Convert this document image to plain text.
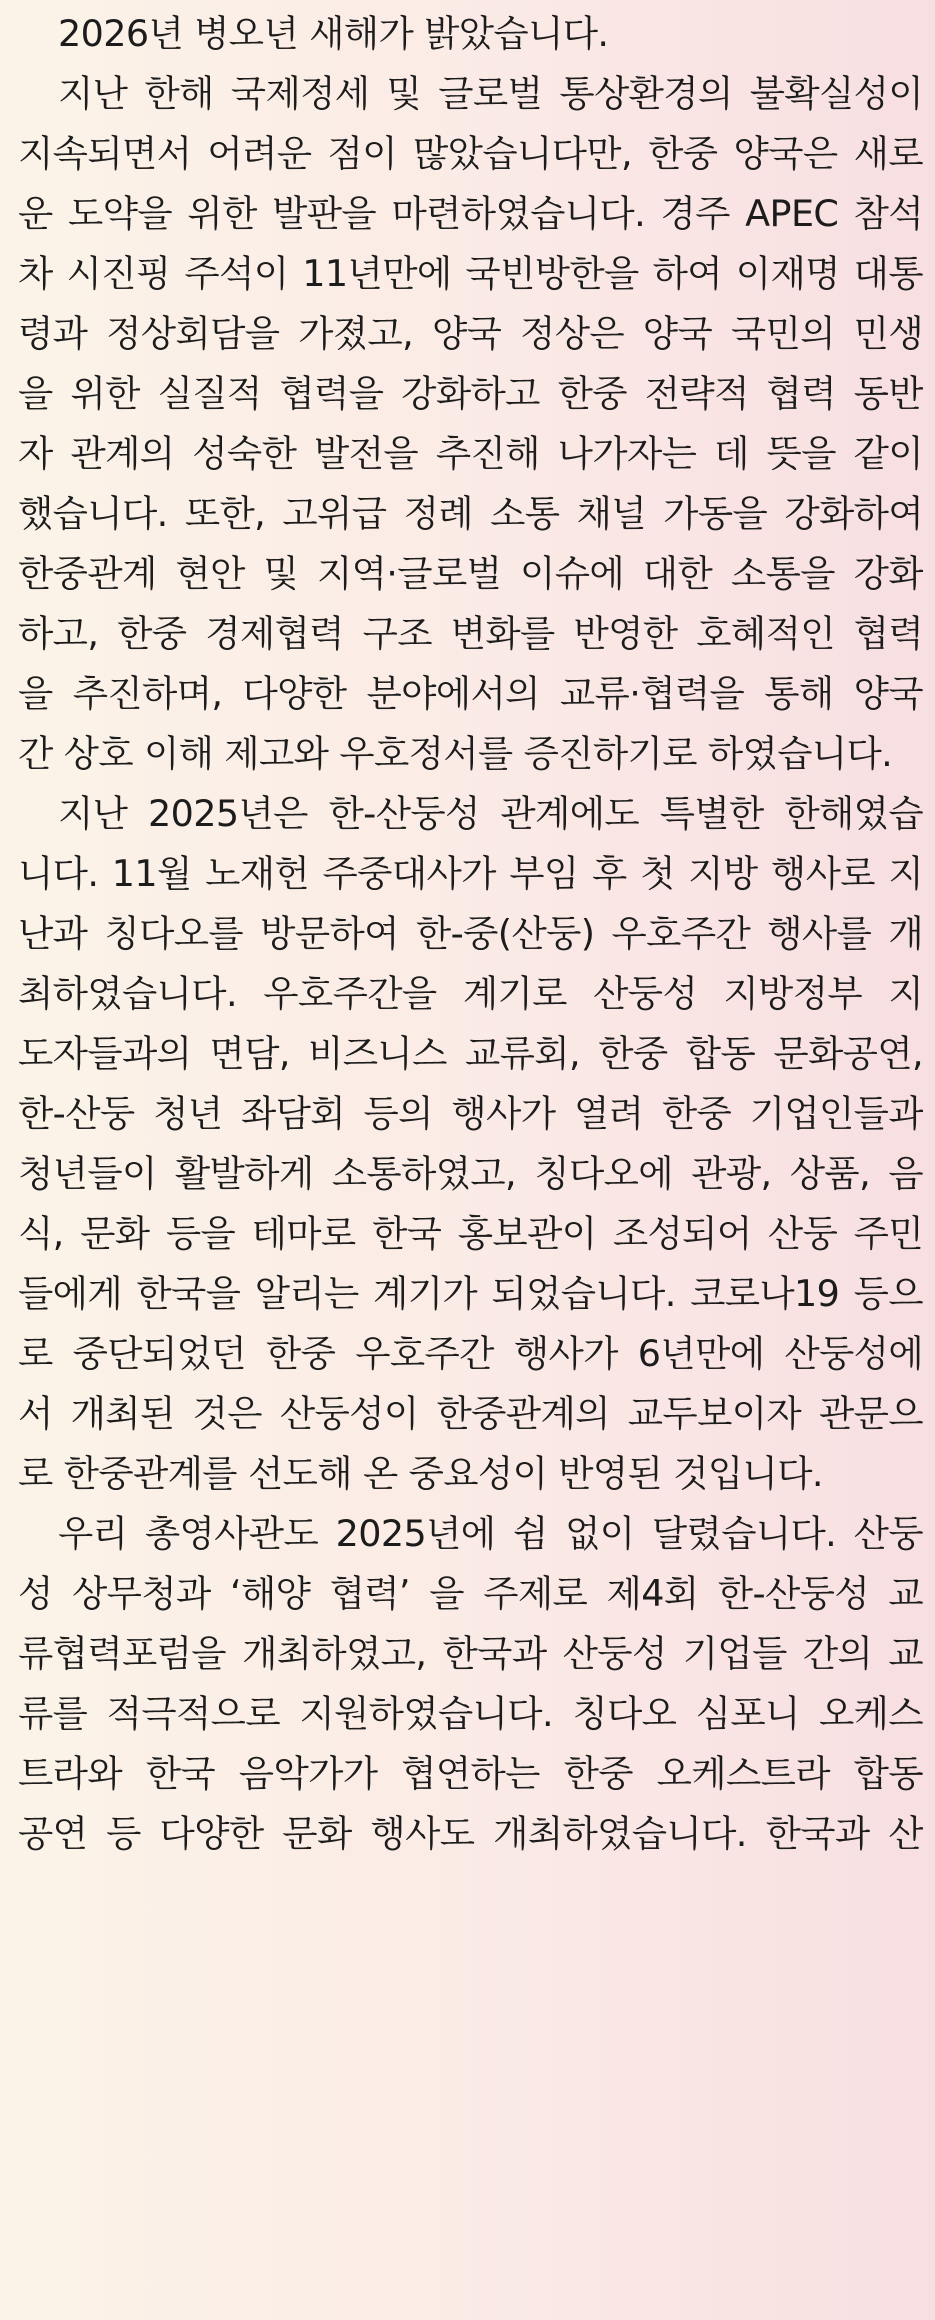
2026년 병오년 새해가 밝았습니다.
지난 한해 국제정세 및 글로벌 통상환경의 불확실성이
지속되면서 어려운 점이 많았습니다만, 한중 양국은 새로
운 도약을 위한 발판을 마련하였습니다. 경주 APEC 참석
차 시진핑 주석이 11년만에 국빈방한을 하여 이재명 대통
령과 정상회담을 가졌고, 양국 정상은 양국 국민의 민생
을 위한 실질적 협력을 강화하고 한중 전략적 협력 동반
자 관계의 성숙한 발전을 추진해 나가자는 데 뜻을 같이
했습니다. 또한, 고위급 정례 소통 채널 가동을 강화하여
한중관계 현안 및 지역·글로벌 이슈에 대한 소통을 강화
하고, 한중 경제협력 구조 변화를 반영한 호혜적인 협력
을 추진하며, 다양한 분야에서의 교류·협력을 통해 양국
간 상호 이해 제고와 우호정서를 증진하기로 하였습니다.
지난 2025년은 한-산둥성 관계에도 특별한 한해였습
니다. 11월 노재헌 주중대사가 부임 후 첫 지방 행사로 지
난과 칭다오를 방문하여 한-중(산둥) 우호주간 행사를 개
최하였습니다. 우호주간을 계기로 산둥성 지방정부 지
도자들과의 면담, 비즈니스 교류회, 한중 합동 문화공연,
한-산둥 청년 좌담회 등의 행사가 열려 한중 기업인들과
청년들이 활발하게 소통하였고, 칭다오에 관광, 상품, 음
식, 문화 등을 테마로 한국 홍보관이 조성되어 산둥 주민
들에게 한국을 알리는 계기가 되었습니다. 코로나19 등으
로 중단되었던 한중 우호주간 행사가 6년만에 산둥성에
서 개최된 것은 산둥성이 한중관계의 교두보이자 관문으
로 한중관계를 선도해 온 중요성이 반영된 것입니다.
우리 총영사관도 2025년에 쉼 없이 달렸습니다. 산둥
성 상무청과 ‘해양 협력’ 을 주제로 제4회 한-산둥성 교
류협력포럼을 개최하였고, 한국과 산둥성 기업들 간의 교
류를 적극적으로 지원하였습니다. 칭다오 심포니 오케스
트라와 한국 음악가가 협연하는 한중 오케스트라 합동
공연 등 다양한 문화 행사도 개최하였습니다. 한국과 산
